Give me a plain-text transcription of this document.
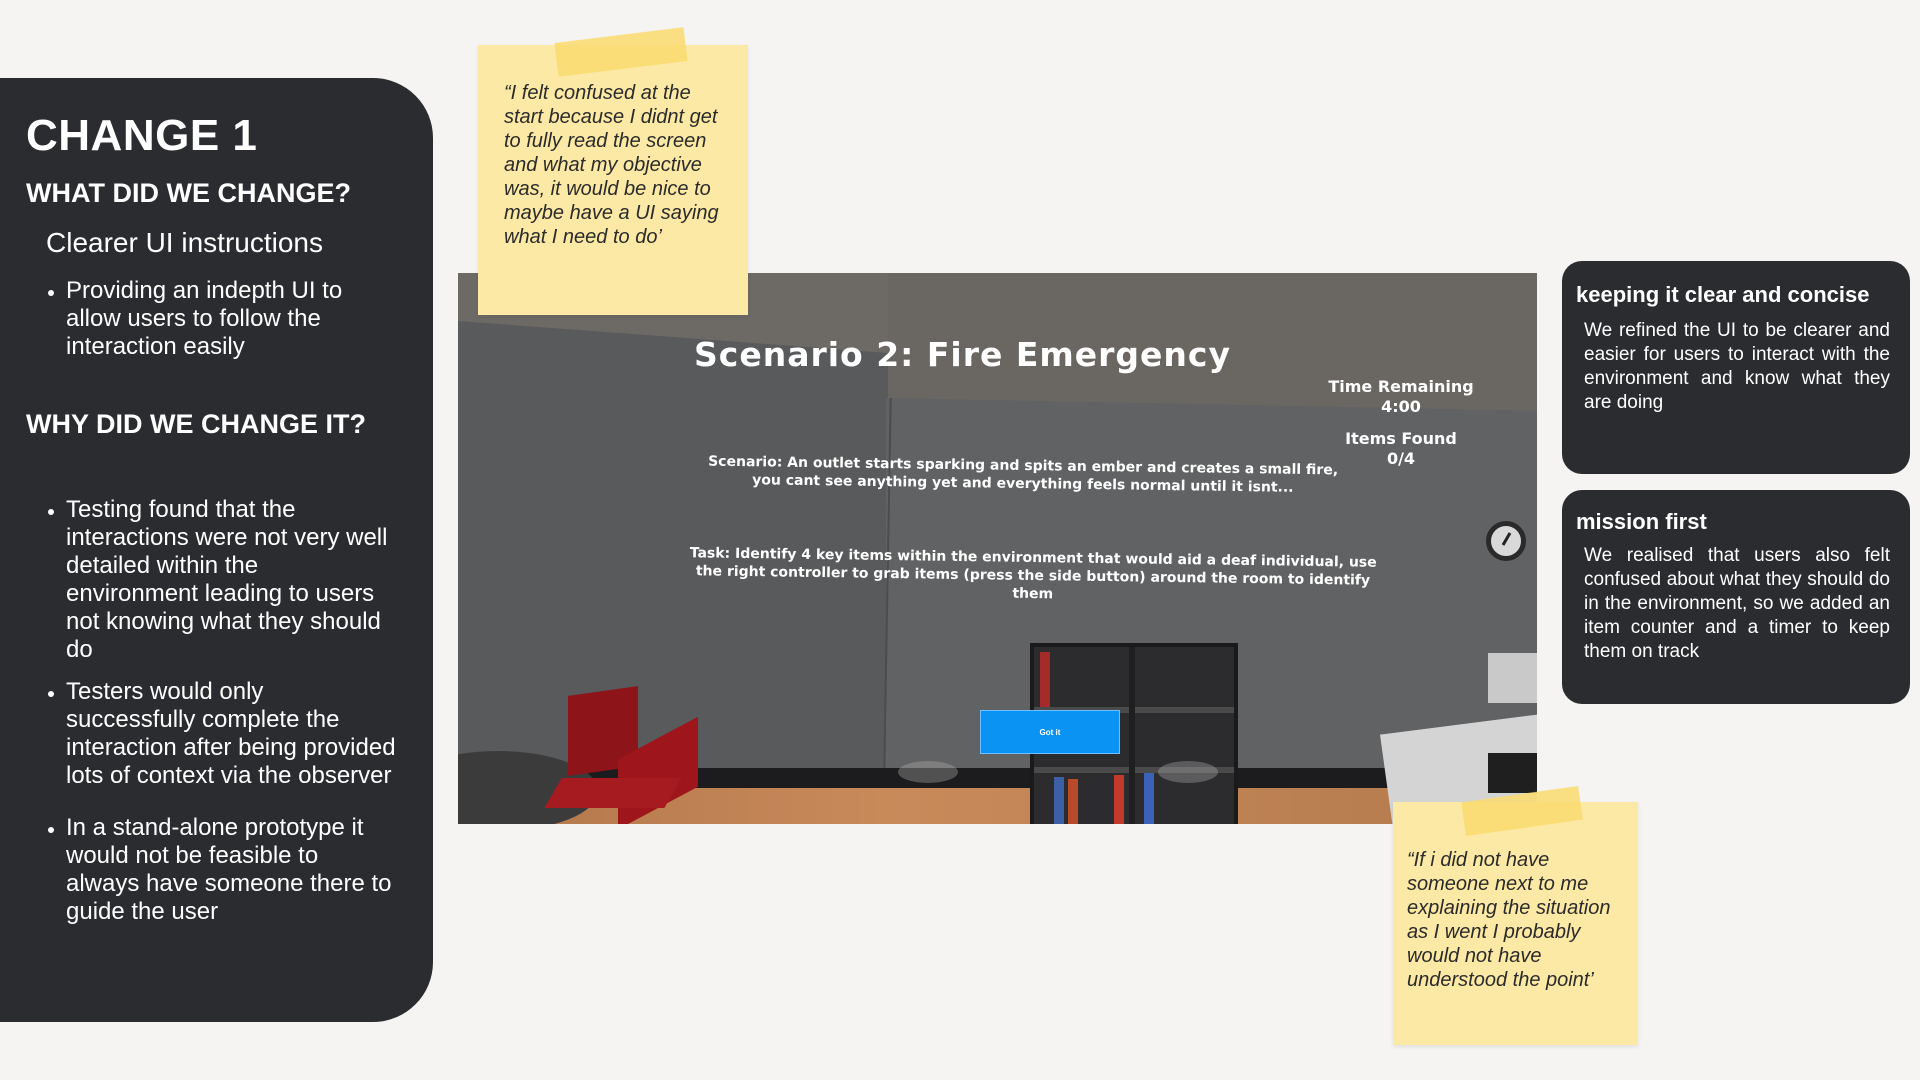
CHANGE 1
WHAT DID WE CHANGE?
Clearer UI instructions
Providing an indepth UI to allow users to follow the interaction easily
WHY DID WE CHANGE IT?
Testing found that the interactions were not very well detailed within the environment leading to users not knowing what they should do
Testers would only successfully complete the interaction after being provided lots of context via the observer
In a stand-alone prototype it would not be feasible to always have someone there to guide the user
“I felt confused at the start because I didnt get to fully read the screen and what my objective was, it would be nice to maybe have a UI saying what I need to do’
Scenario 2: Fire Emergency
Time Remaining
4:00
Items Found
0/4
Scenario: An outlet starts sparking and spits an ember and creates a small fire, you cant see anything yet and everything feels normal until it isnt...
Task: Identify 4 key items within the environment that would aid a deaf individual, use the right controller to grab items (press the side button) around the room to identify them
Got it
keeping it clear and concise

We refined the UI to be clearer and easier for users to interact with the environment and know what they are doing

mission first

We realised that users also felt confused about what they should do in the environment, so we added an item counter and a timer to keep them on track

“If i did not have someone next to me explaining the situation as I went I probably would not have understood the point’
